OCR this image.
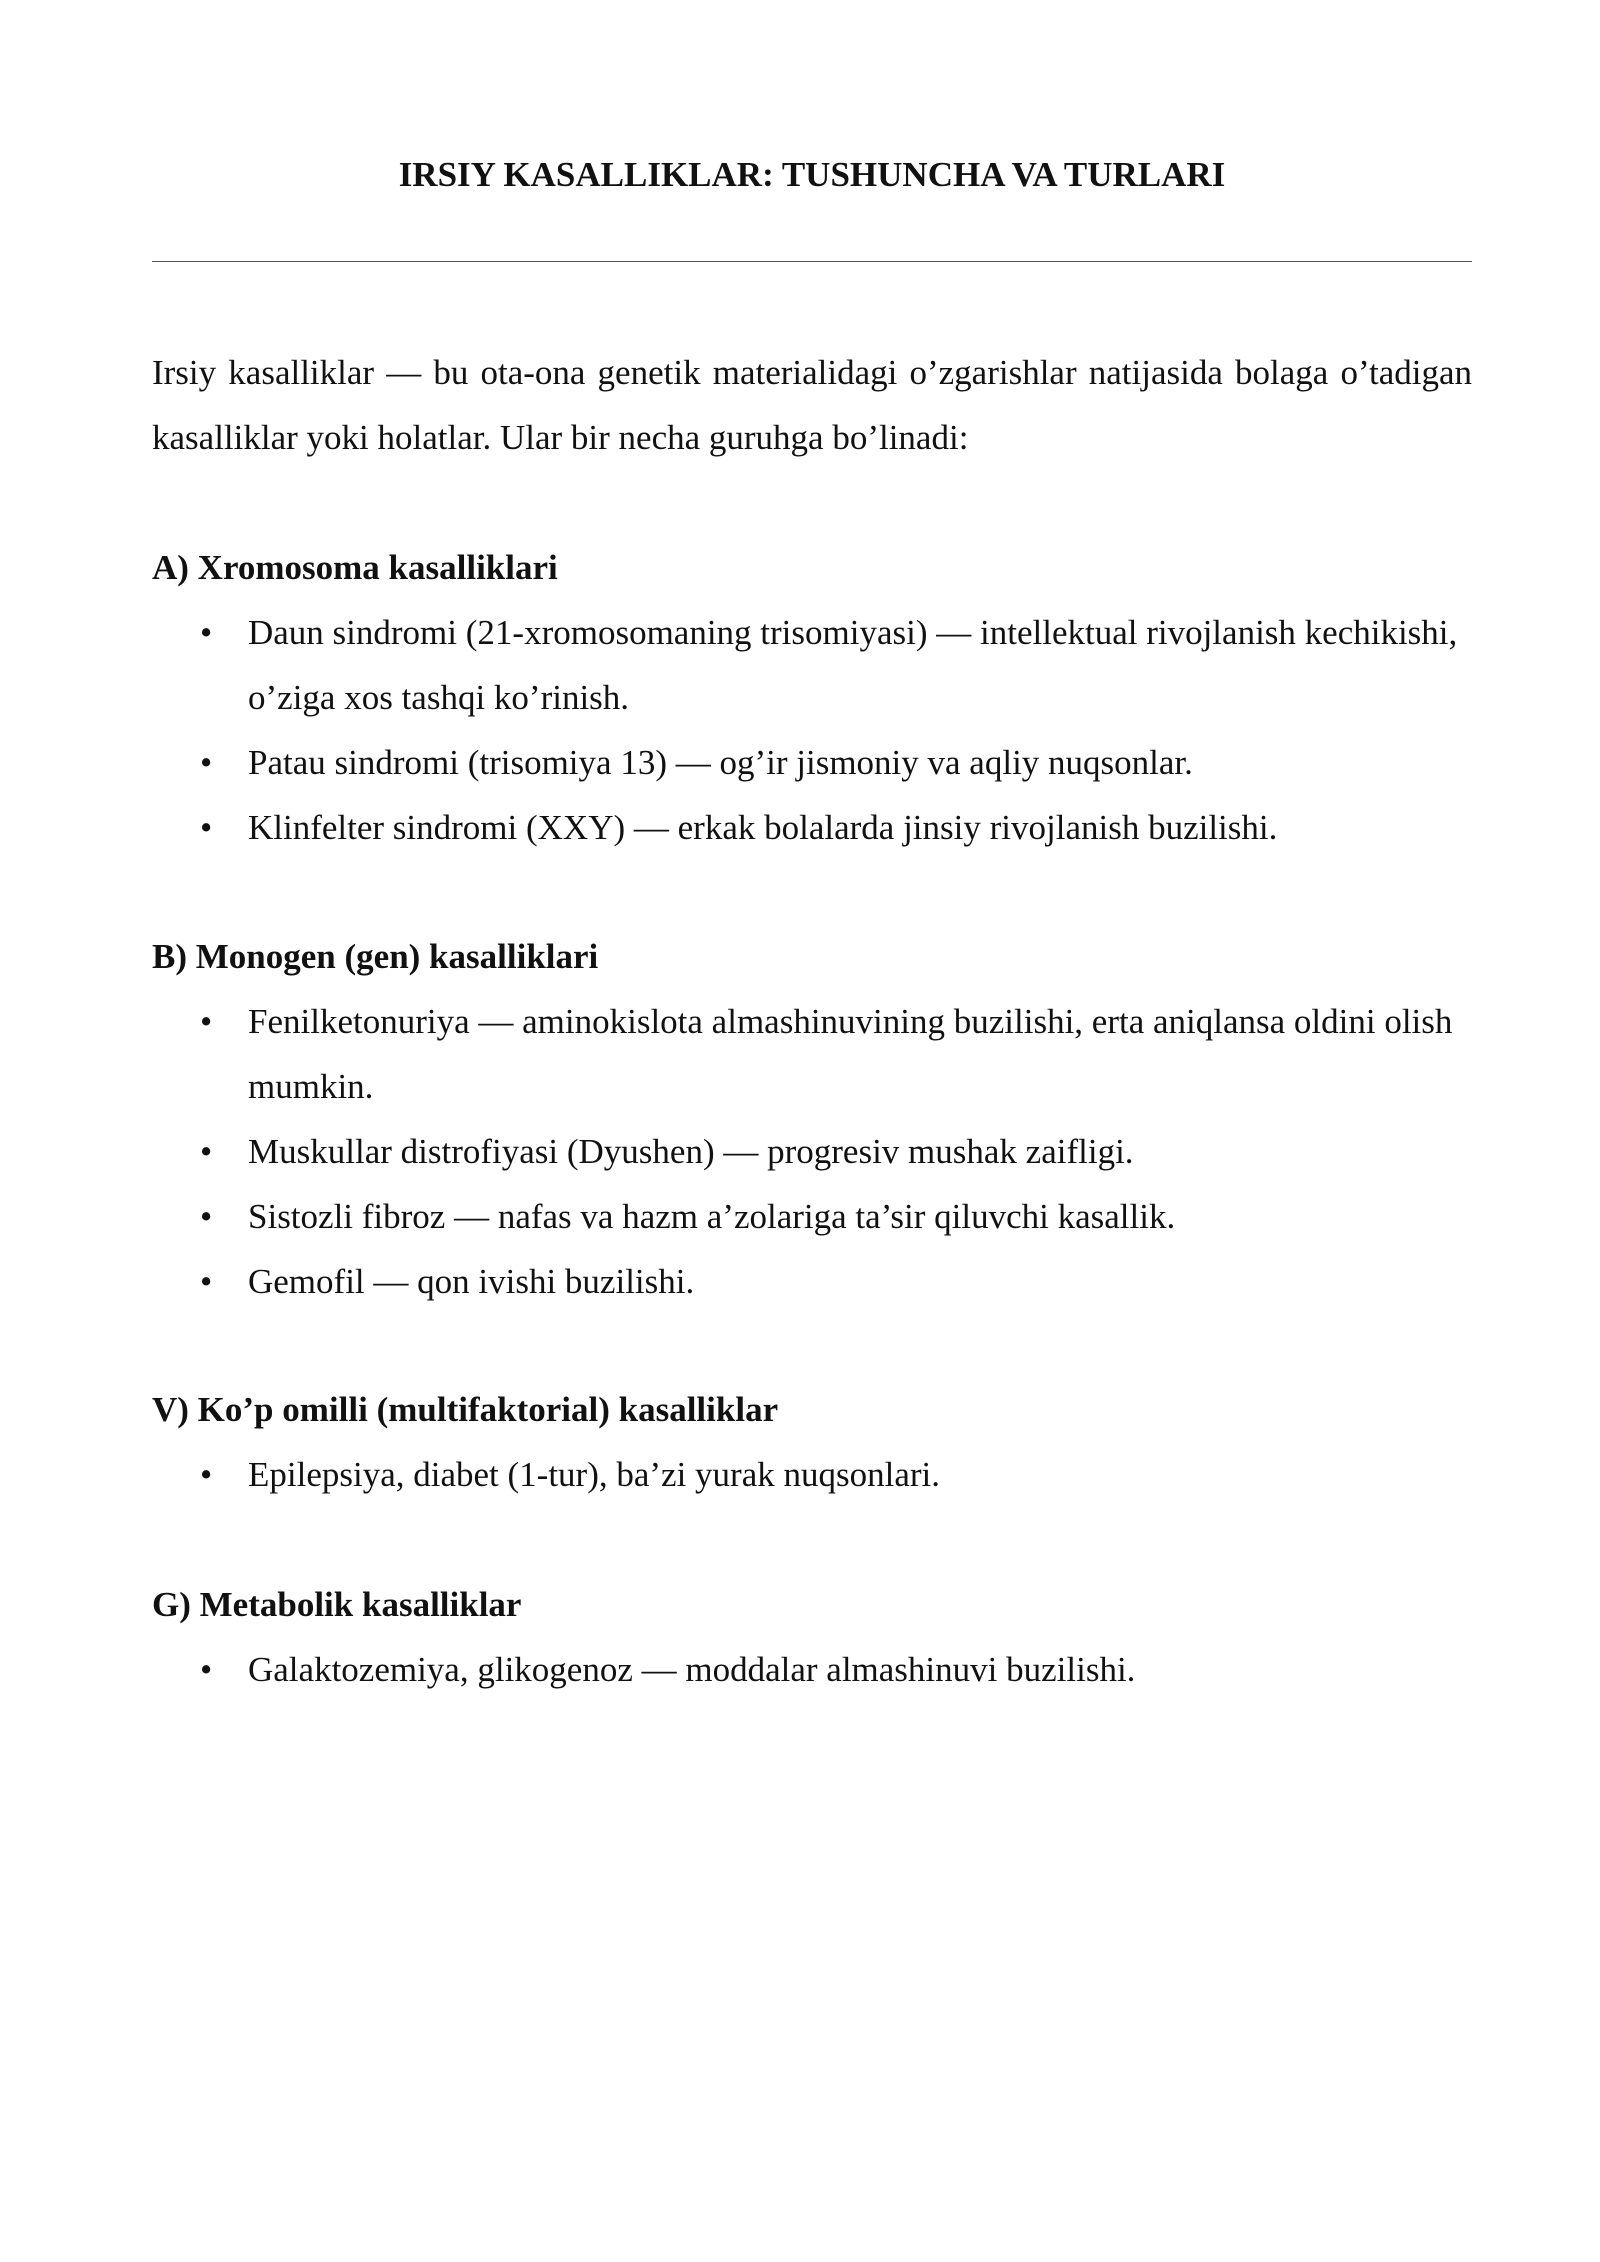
IRSIY KASALLIKLAR: TUSHUNCHA VA TURLARI

Irsiy kasalliklar — bu ota-ona genetik materialidagi o’zgarishlar natijasida bolaga o’tadigan kasalliklar yoki holatlar. Ular bir necha guruhga bo’linadi:

A) Xromosoma kasalliklari

• Daun sindromi (21-xromosomaning trisomiyasi) — intellektual rivojlanish kechikishi, o’ziga xos tashqi ko’rinish.
• Patau sindromi (trisomiya 13) — og’ir jismoniy va aqliy nuqsonlar.
• Klinfelter sindromi (XXY) — erkak bolalarda jinsiy rivojlanish buzilishi.

B) Monogen (gen) kasalliklari

• Fenilketonuriya — aminokislota almashinuvining buzilishi, erta aniqlansa oldini olish mumkin.
• Muskullar distrofiyasi (Dyushen) — progresiv mushak zaifligi.
• Sistozli fibroz — nafas va hazm a’zolariga ta’sir qiluvchi kasallik.
• Gemofil — qon ivishi buzilishi.

V) Ko’p omilli (multifaktorial) kasalliklar

• Epilepsiya, diabet (1-tur), ba’zi yurak nuqsonlari.

G) Metabolik kasalliklar

• Galaktozemiya, glikogenoz — moddalar almashinuvi buzilishi.
